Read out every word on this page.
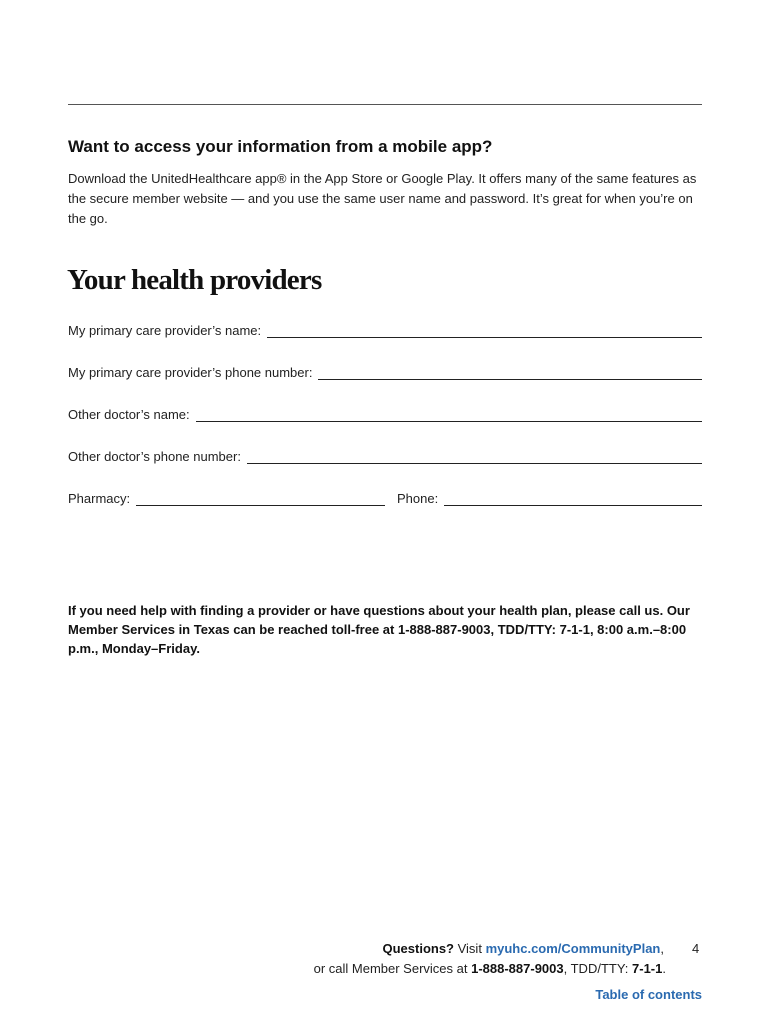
Want to access your information from a mobile app?

Download the UnitedHealthcare app® in the App Store or Google Play. It offers many of the same features as the secure member website — and you use the same user name and password. It’s great for when you’re on the go.

Your health providers
My primary care provider’s name:
My primary care provider’s phone number:
Other doctor’s name:
Other doctor’s phone number:
Pharmacy:	Phone:

If you need help with finding a provider or have questions about your health plan, please call us. Our Member Services in Texas can be reached toll-free at 1-888-887-9003, TDD/TTY: 7-1-1, 8:00 a.m.–8:00 p.m., Monday–Friday.

Questions? Visit myuhc.com/CommunityPlan, 4
or call Member Services at 1-888-887-9003, TDD/TTY: 7-1-1.
Table of contents
